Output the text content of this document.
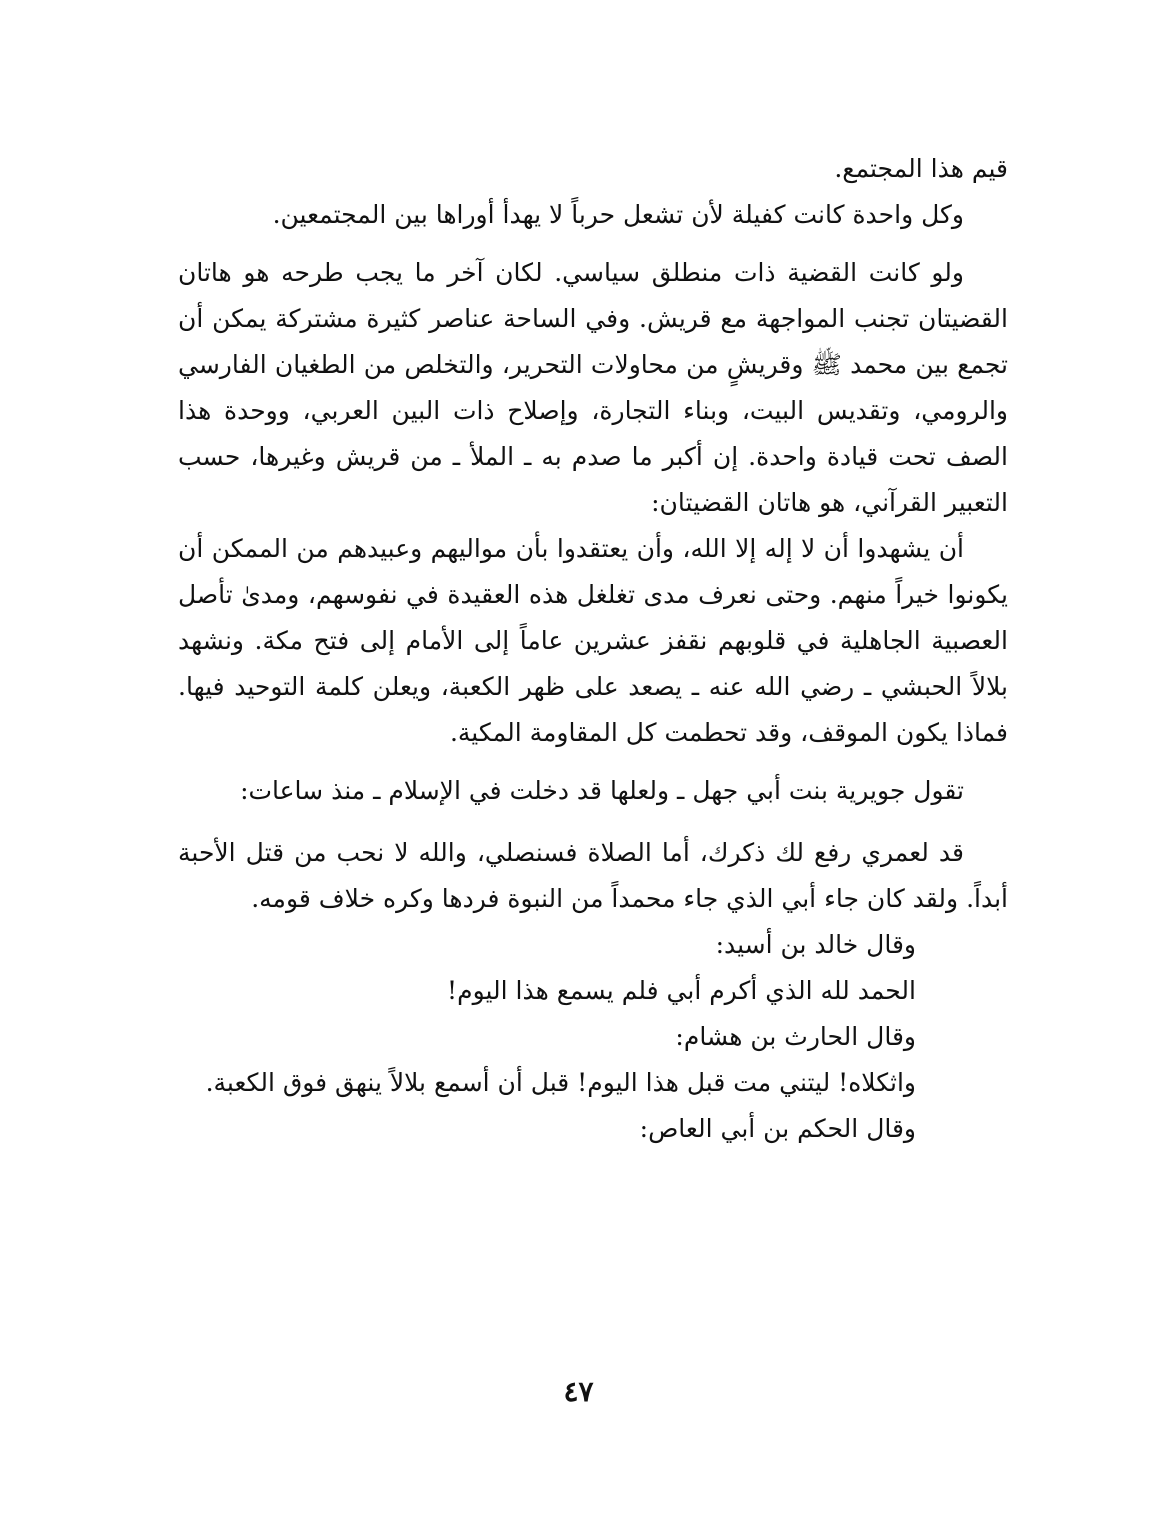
قيم هذا المجتمع.

وكل واحدة كانت كفيلة لأن تشعل حرباً لا يهدأ أوراها بين المجتمعين.

ولو كانت القضية ذات منطلق سياسي. لكان آخر ما يجب طرحه هو هاتان القضيتان تجنب المواجهة مع قريش. وفي الساحة عناصر كثيرة مشتركة يمكن أن تجمع بين محمد ﷺ وقريشٍ من محاولات التحرير، والتخلص من الطغيان الفارسي والرومي، وتقديس البيت، وبناء التجارة، وإصلاح ذات البين العربي، ووحدة هذا الصف تحت قيادة واحدة. إن أكبر ما صدم به ـ الملأ ـ من قريش وغيرها، حسب التعبير القرآني، هو هاتان القضيتان:

أن يشهدوا أن لا إله إلا الله، وأن يعتقدوا بأن مواليهم وعبيدهم من الممكن أن يكونوا خيراً منهم. وحتى نعرف مدى تغلغل هذه العقيدة في نفوسهم، ومدىٰ تأصل العصبية الجاهلية في قلوبهم نقفز عشرين عاماً إلى الأمام إلى فتح مكة. ونشهد بلالاً الحبشي ـ رضي الله عنه ـ يصعد على ظهر الكعبة، ويعلن كلمة التوحيد فيها. فماذا يكون الموقف، وقد تحطمت كل المقاومة المكية.

تقول جويرية بنت أبي جهل ـ ولعلها قد دخلت في الإسلام ـ منذ ساعات:

قد لعمري رفع لك ذكرك، أما الصلاة فسنصلي، والله لا نحب من قتل الأحبة أبداً. ولقد كان جاء أبي الذي جاء محمداً من النبوة فردها وكره خلاف قومه.

وقال خالد بن أسيد:

الحمد لله الذي أكرم أبي فلم يسمع هذا اليوم!

وقال الحارث بن هشام:

واثكلاه! ليتني مت قبل هذا اليوم! قبل أن أسمع بلالاً ينهق فوق الكعبة.

وقال الحكم بن أبي العاص:

٤٧
